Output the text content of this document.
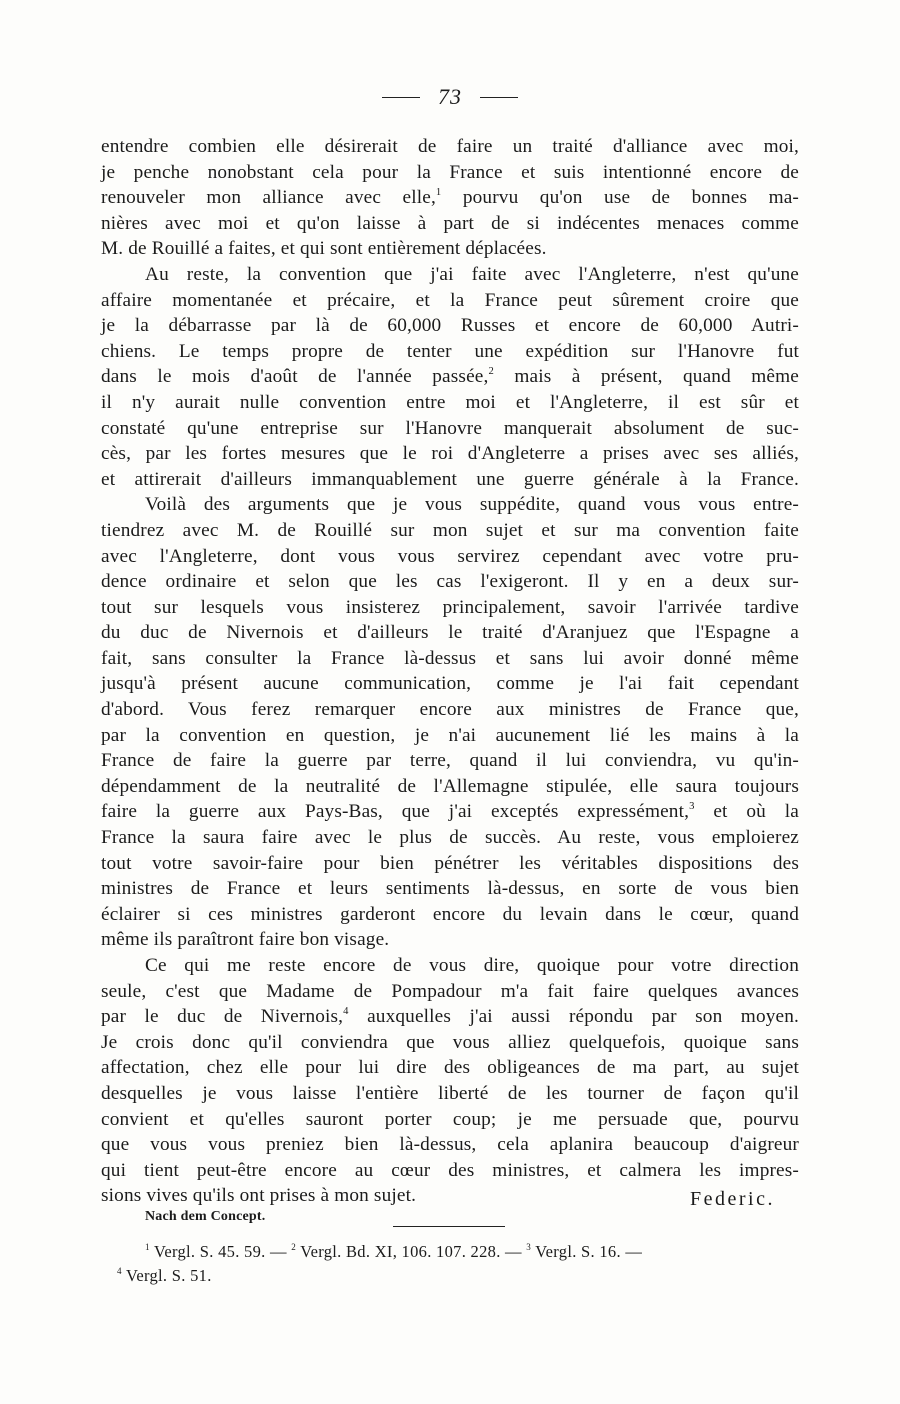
73
entendre combien elle désirerait de faire un traité d'alliance avec moi,
je penche nonobstant cela pour la France et suis intentionné encore de
renouveler mon alliance avec elle,$^1$ pourvu qu'on use de bonnes ma-
nières avec moi et qu'on laisse à part de si indécentes menaces comme
M. de Rouillé a faites, et qui sont entièrement déplacées.
Au reste, la convention que j'ai faite avec l'Angleterre, n'est qu'une
affaire momentanée et précaire, et la France peut sûrement croire que
je la débarrasse par là de 60,000 Russes et encore de 60,000 Autri-
chiens. Le temps propre de tenter une expédition sur l'Hanovre fut
dans le mois d'août de l'année passée,$^2$ mais à présent, quand même
il n'y aurait nulle convention entre moi et l'Angleterre, il est sûr et
constaté qu'une entreprise sur l'Hanovre manquerait absolument de suc-
cès, par les fortes mesures que le roi d'Angleterre a prises avec ses alliés,
et attirerait d'ailleurs immanquablement une guerre générale à la France.
Voilà des arguments que je vous suppédite, quand vous vous entre-
tiendrez avec M. de Rouillé sur mon sujet et sur ma convention faite
avec l'Angleterre, dont vous vous servirez cependant avec votre pru-
dence ordinaire et selon que les cas l'exigeront. Il y en a deux sur-
tout sur lesquels vous insisterez principalement, savoir l'arrivée tardive
du duc de Nivernois et d'ailleurs le traité d'Aranjuez que l'Espagne a
fait, sans consulter la France là-dessus et sans lui avoir donné même
jusqu'à présent aucune communication, comme je l'ai fait cependant
d'abord. Vous ferez remarquer encore aux ministres de France que,
par la convention en question, je n'ai aucunement lié les mains à la
France de faire la guerre par terre, quand il lui conviendra, vu qu'in-
dépendamment de la neutralité de l'Allemagne stipulée, elle saura toujours
faire la guerre aux Pays-Bas, que j'ai exceptés expressément,$^3$ et où la
France la saura faire avec le plus de succès. Au reste, vous emploierez
tout votre savoir-faire pour bien pénétrer les véritables dispositions des
ministres de France et leurs sentiments là-dessus, en sorte de vous bien
éclairer si ces ministres garderont encore du levain dans le cœur, quand
même ils paraîtront faire bon visage.
Ce qui me reste encore de vous dire, quoique pour votre direction
seule, c'est que Madame de Pompadour m'a fait faire quelques avances
par le duc de Nivernois,$^4$ auxquelles j'ai aussi répondu par son moyen.
Je crois donc qu'il conviendra que vous alliez quelquefois, quoique sans
affectation, chez elle pour lui dire des obligeances de ma part, au sujet
desquelles je vous laisse l'entière liberté de les tourner de façon qu'il
convient et qu'elles sauront porter coup; je me persuade que, pourvu
que vous vous preniez bien là-dessus, cela aplanira beaucoup d'aigreur
qui tient peut-être encore au cœur des ministres, et calmera les impres-
sions vives qu'ils ont prises à mon sujet.	Federic.
Nach dem Concept.
$^1$ Vergl. S. 45. 59. — $^2$ Vergl. Bd. XI, 106. 107. 228. — $^3$ Vergl. S. 16. —
$^4$ Vergl. S. 51.
